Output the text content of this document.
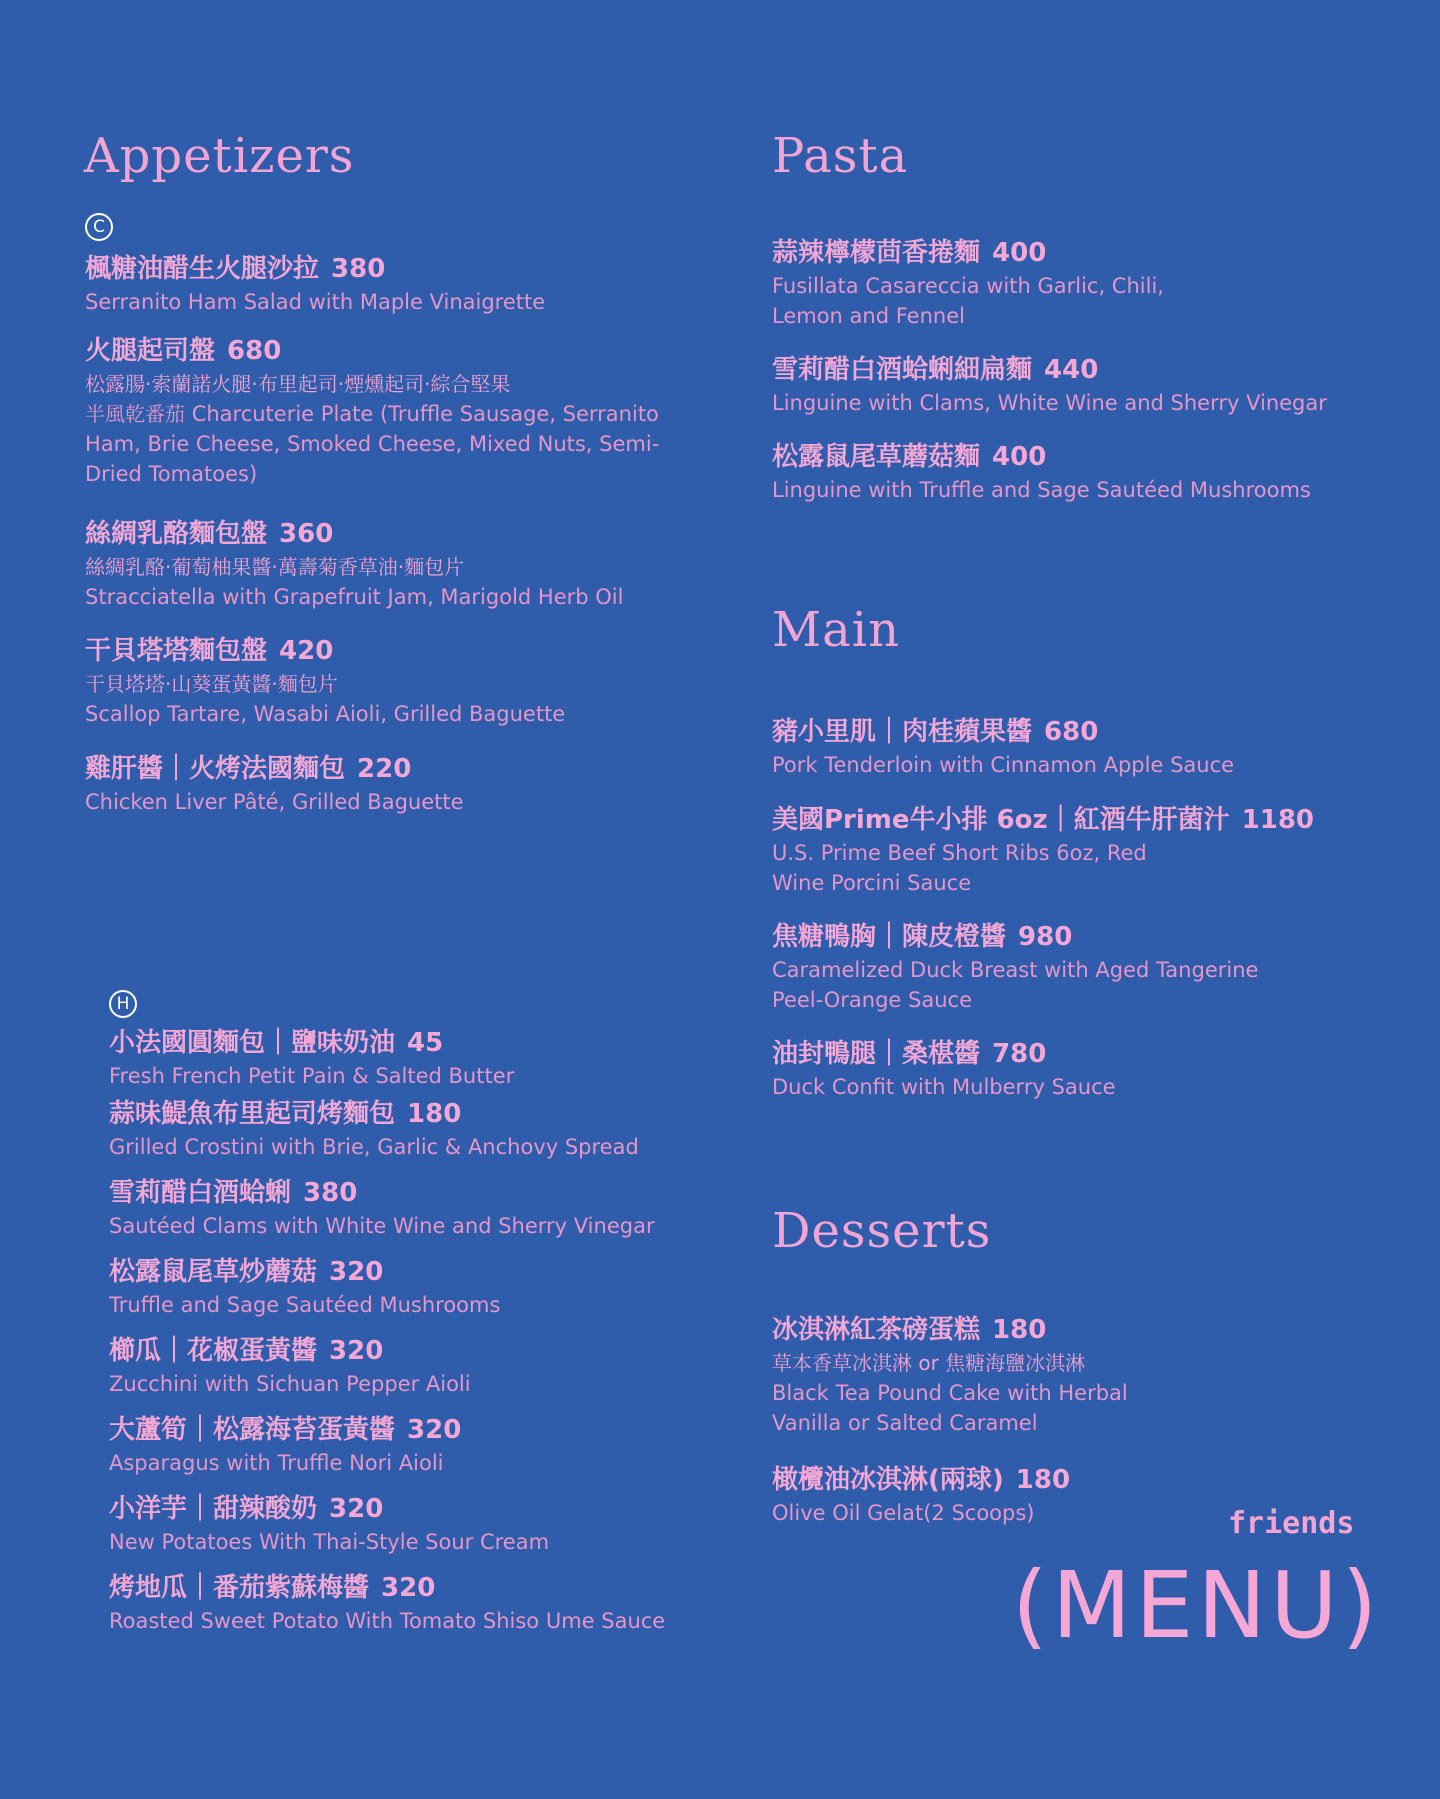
Appetizers
C
楓糖油醋生火腿沙拉 380
Serranito Ham Salad with Maple Vinaigrette
火腿起司盤 680
松露腸‧索蘭諾火腿‧布里起司‧煙燻起司‧綜合堅果
半風乾番茄 Charcuterie Plate (Truffle Sausage, Serranito Ham, Brie Cheese, Smoked Cheese, Mixed Nuts, Semi-Dried Tomatoes)
絲綢乳酪麵包盤 360
絲綢乳酪‧葡萄柚果醬‧萬壽菊香草油‧麵包片
Stracciatella with Grapefruit Jam, Marigold Herb Oil
干貝塔塔麵包盤 420
干貝塔塔‧山葵蛋黃醬‧麵包片
Scallop Tartare, Wasabi Aioli, Grilled Baguette
雞肝醬｜火烤法國麵包 220
Chicken Liver Pâté, Grilled Baguette
H
小法國圓麵包｜鹽味奶油 45
Fresh French Petit Pain & Salted Butter
蒜味鯷魚布里起司烤麵包 180
Grilled Crostini with Brie, Garlic & Anchovy Spread
雪莉醋白酒蛤蜊 380
Sautéed Clams with White Wine and Sherry Vinegar
松露鼠尾草炒蘑菇 320
Truffle and Sage Sautéed Mushrooms
櫛瓜｜花椒蛋黃醬 320
Zucchini with Sichuan Pepper Aioli
大蘆筍｜松露海苔蛋黃醬 320
Asparagus with Truffle Nori Aioli
小洋芋｜甜辣酸奶 320
New Potatoes With Thai-Style Sour Cream
烤地瓜｜番茄紫蘇梅醬 320
Roasted Sweet Potato With Tomato Shiso Ume Sauce
Pasta
蒜辣檸檬茴香捲麵 400
Fusillata Casareccia with Garlic, Chili, Lemon and Fennel
雪莉醋白酒蛤蜊細扁麵 440
Linguine with Clams, White Wine and Sherry Vinegar
松露鼠尾草蘑菇麵 400
Linguine with Truffle and Sage Sautéed Mushrooms
Main
豬小里肌｜肉桂蘋果醬 680
Pork Tenderloin with Cinnamon Apple Sauce
美國Prime牛小排 6oz｜紅酒牛肝菌汁 1180
U.S. Prime Beef Short Ribs 6oz, Red Wine Porcini Sauce
焦糖鴨胸｜陳皮橙醬 980
Caramelized Duck Breast with Aged Tangerine Peel-Orange Sauce
油封鴨腿｜桑椹醬 780
Duck Confit with Mulberry Sauce
Desserts
冰淇淋紅茶磅蛋糕 180
草本香草冰淇淋 or 焦糖海鹽冰淇淋
Black Tea Pound Cake with Herbal Vanilla or Salted Caramel
橄欖油冰淇淋(兩球) 180
Olive Oil Gelat(2 Scoops)	friends
(MENU)
